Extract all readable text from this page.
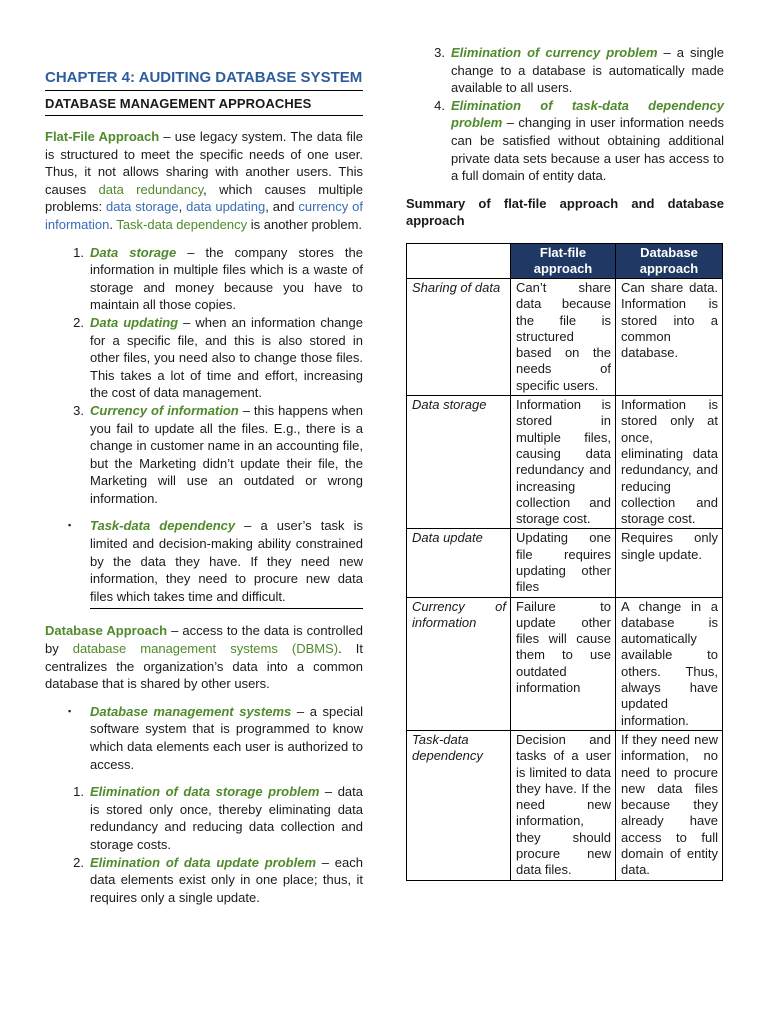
CHAPTER 4: AUDITING DATABASE SYSTEM
DATABASE MANAGEMENT APPROACHES

Flat-File Approach – use legacy system. The data file is structured to meet the specific needs of one user. Thus, it not allows sharing with another users. This causes data redundancy, which causes multiple problems: data storage, data updating, and currency of information. Task-data dependency is another problem.

1. Data storage – the company stores the information in multiple files which is a waste of storage and money because you have to maintain all those copies.
2. Data updating – when an information change for a specific file, and this is also stored in other files, you need also to change those files. This takes a lot of time and effort, increasing the cost of data management.
3. Currency of information – this happens when you fail to update all the files. E.g., there is a change in customer name in an accounting file, but the Marketing didn’t update their file, the Marketing will use an outdated or wrong information.
▪ Task-data dependency – a user’s task is limited and decision-making ability constrained by the data they have. If they need new information, they need to procure new data files which takes time and difficult.

Database Approach – access to the data is controlled by database management systems (DBMS). It centralizes the organization’s data into a common database that is shared by other users.

▪ Database management systems – a special software system that is programmed to know which data elements each user is authorized to access.
1. Elimination of data storage problem – data is stored only once, thereby eliminating data redundancy and reducing data collection and storage costs.
2. Elimination of data update problem – each data elements exist only in one place; thus, it requires only a single update.
3. Elimination of currency problem – a single change to a database is automatically made available to all users.
4. Elimination of task-data dependency problem – changing in user information needs can be satisfied without obtaining additional private data sets because a user has access to a full domain of entity data.

Summary of flat-file approach and database approach

	Flat-file approach	Database approach
Sharing of data	Can’t share data because the file is structured based on the needs of specific users.	Can share data. Information is stored into a common database.
Data storage	Information is stored in multiple files, causing data redundancy and increasing collection and storage cost.	Information is stored only at once, eliminating data redundancy, and reducing collection and storage cost.
Data update	Updating one file requires updating other files	Requires only single update.
Currency of information	Failure to update other files will cause them to use outdated information	A change in a database is automatically available to others. Thus, always have updated information.
Task-data dependency	Decision and tasks of a user is limited to data they have. If the need new information, they should procure new data files.	If they need new information, no need to procure new data files because they already have access to full domain of entity data.
